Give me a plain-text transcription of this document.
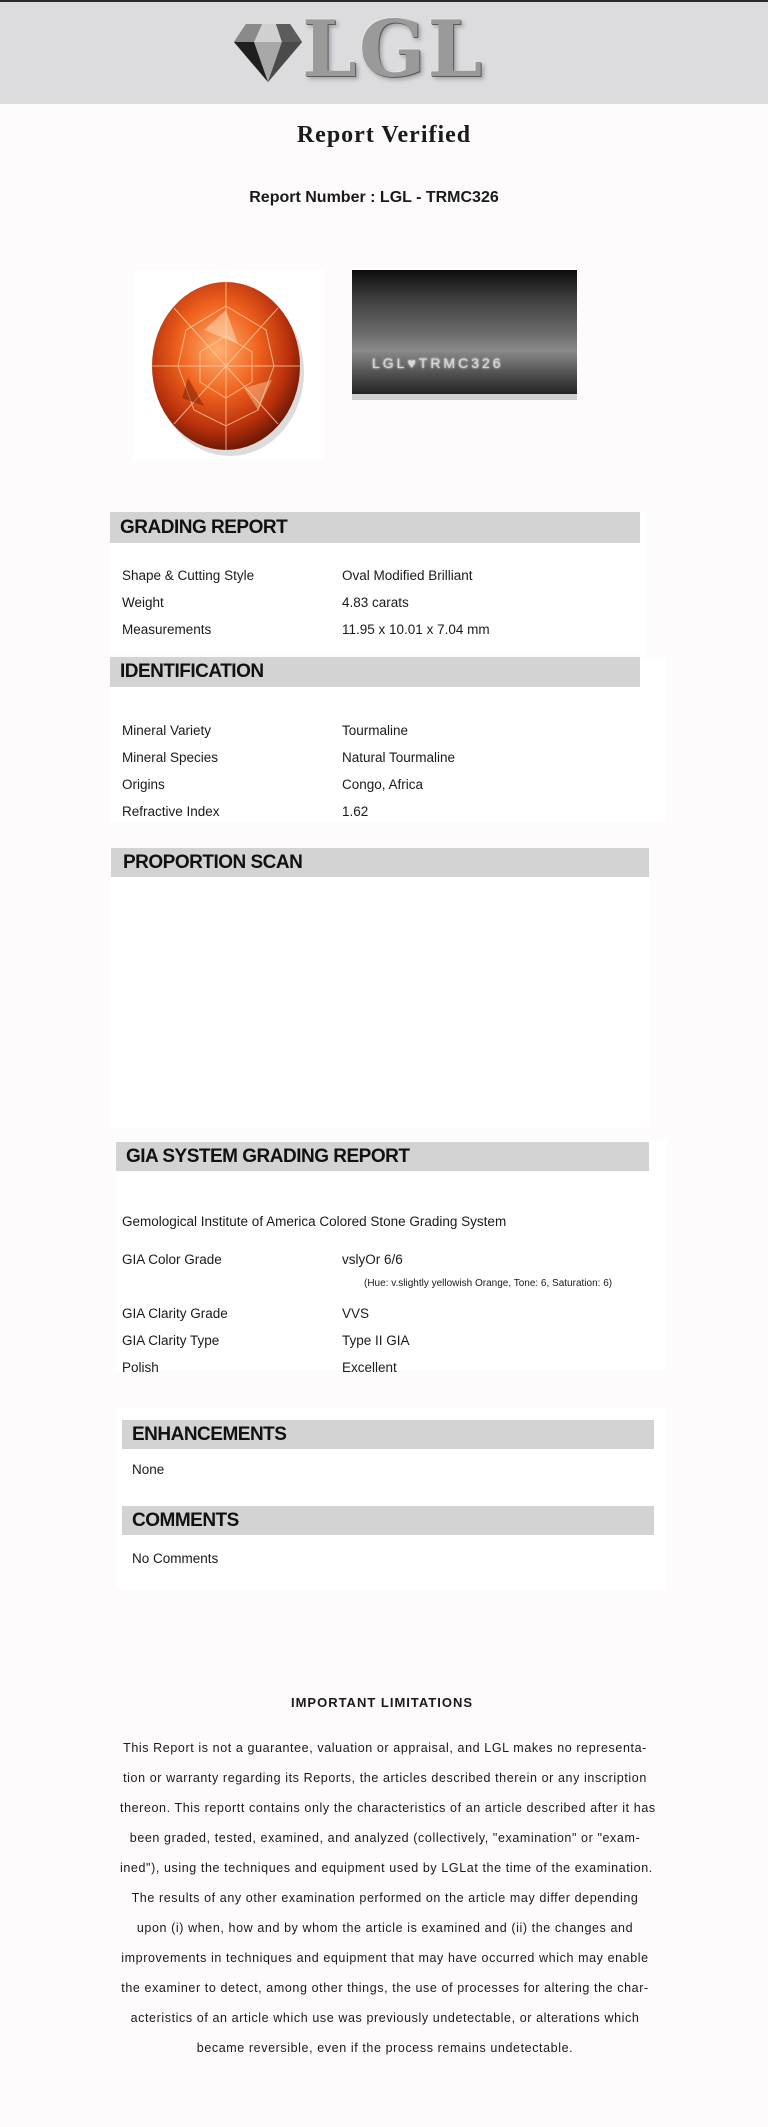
LGL
Report Verified
Report Number : LGL - TRMC326
LGL♥TRMC326
GRADING REPORT
Shape & Cutting Style	Oval Modified Brilliant
Weight	4.83 carats
Measurements	11.95 x 10.01 x 7.04 mm
IDENTIFICATION
Mineral Variety	Tourmaline
Mineral Species	Natural Tourmaline
Origins	Congo, Africa
Refractive Index	1.62
PROPORTION SCAN
GIA SYSTEM GRADING REPORT
Gemological Institute of America Colored Stone Grading System
GIA Color Grade	vslyOr 6/6
(Hue: v.slightly yellowish Orange, Tone: 6, Saturation: 6)
GIA Clarity Grade	VVS
GIA Clarity Type	Type II GIA
Polish	Excellent
ENHANCEMENTS
None
COMMENTS
No Comments
IMPORTANT LIMITATIONS
This Report is not a guarantee, valuation or appraisal, and LGL makes no representa-
tion or warranty regarding its Reports, the articles described therein or any inscription
thereon. This reportt contains only the characteristics of an article described after it has
been graded, tested, examined, and analyzed (collectively, "examination" or "exam-
ined"), using the techniques and equipment used by LGLat the time of the examination.
The results of any other examination performed on the article may differ depending
upon (i) when, how and by whom the article is examined and (ii) the changes and
improvements in techniques and equipment that may have occurred which may enable
the examiner to detect, among other things, the use of processes for altering the char-
acteristics of an article which use was previously undetectable, or alterations which
became reversible, even if the process remains undetectable.
